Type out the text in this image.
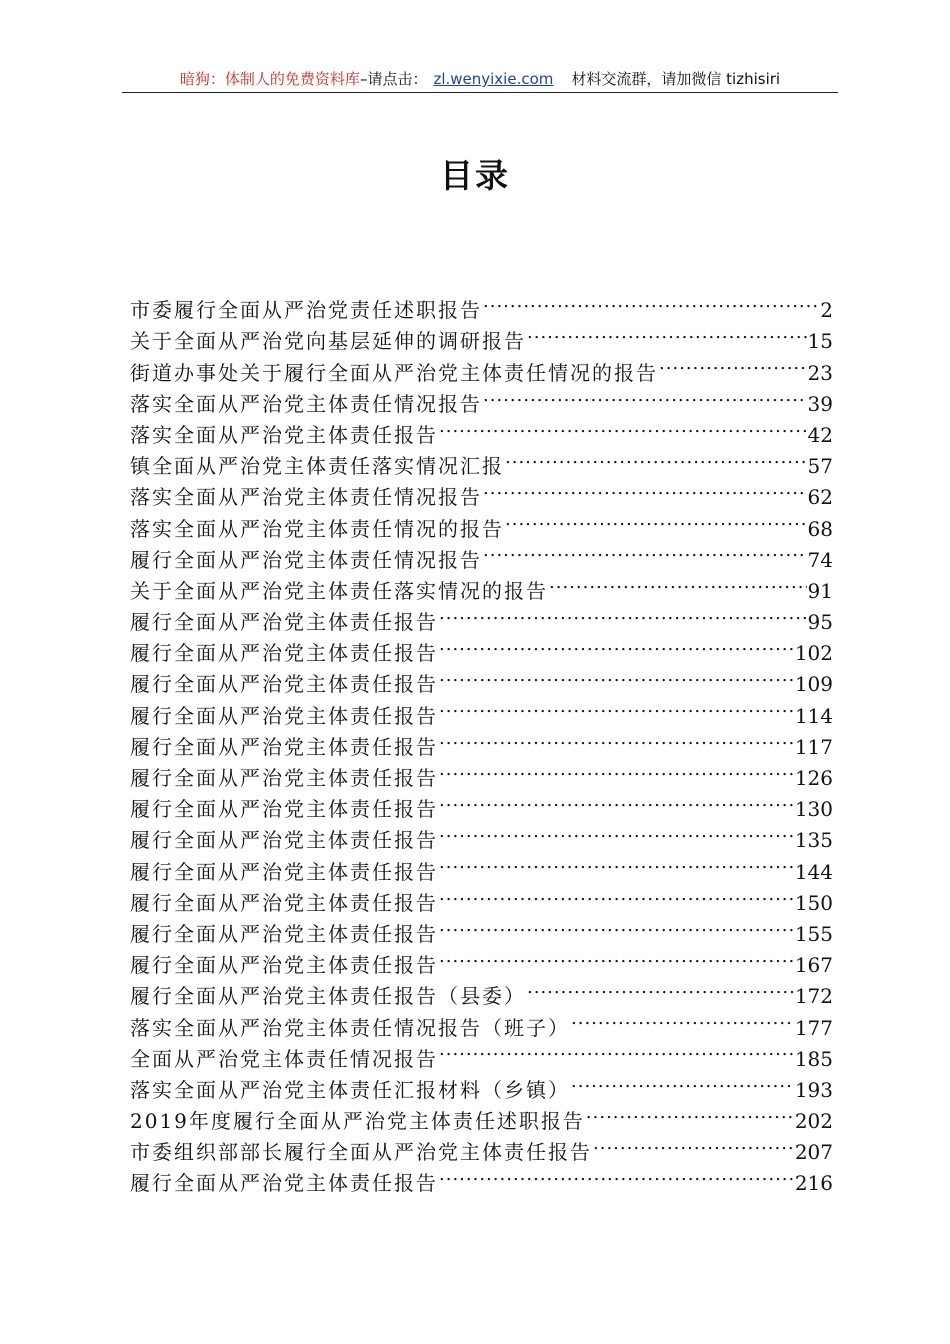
暗狗：体制人的免费资料库–请点击： zl.wenyixie.com 材料交流群，请加微信 tizhisiri
目录
市委履行全面从严治党责任述职报告 .....	2
关于全面从严治党向基层延伸的调研报告 .....	15
街道办事处关于履行全面从严治党主体责任情况的报告 .....	23
落实全面从严治党主体责任情况报告 .....	39
落实全面从严治党主体责任报告 .....	42
镇全面从严治党主体责任落实情况汇报 .....	57
落实全面从严治党主体责任情况报告 .....	62
落实全面从严治党主体责任情况的报告 .....	68
履行全面从严治党主体责任情况报告 .....	74
关于全面从严治党主体责任落实情况的报告 .....	91
履行全面从严治党主体责任报告 .....	95
履行全面从严治党主体责任报告 .....	102
履行全面从严治党主体责任报告 .....	109
履行全面从严治党主体责任报告 .....	114
履行全面从严治党主体责任报告 .....	117
履行全面从严治党主体责任报告 .....	126
履行全面从严治党主体责任报告 .....	130
履行全面从严治党主体责任报告 .....	135
履行全面从严治党主体责任报告 .....	144
履行全面从严治党主体责任报告 .....	150
履行全面从严治党主体责任报告 .....	155
履行全面从严治党主体责任报告 .....	167
履行全面从严治党主体责任报告（县委） .....	172
落实全面从严治党主体责任情况报告（班子） .....	177
全面从严治党主体责任情况报告 .....	185
落实全面从严治党主体责任汇报材料（乡镇） .....	193
2019年度履行全面从严治党主体责任述职报告 .....	202
市委组织部部长履行全面从严治党主体责任报告 .....	207
履行全面从严治党主体责任报告 .....	216
